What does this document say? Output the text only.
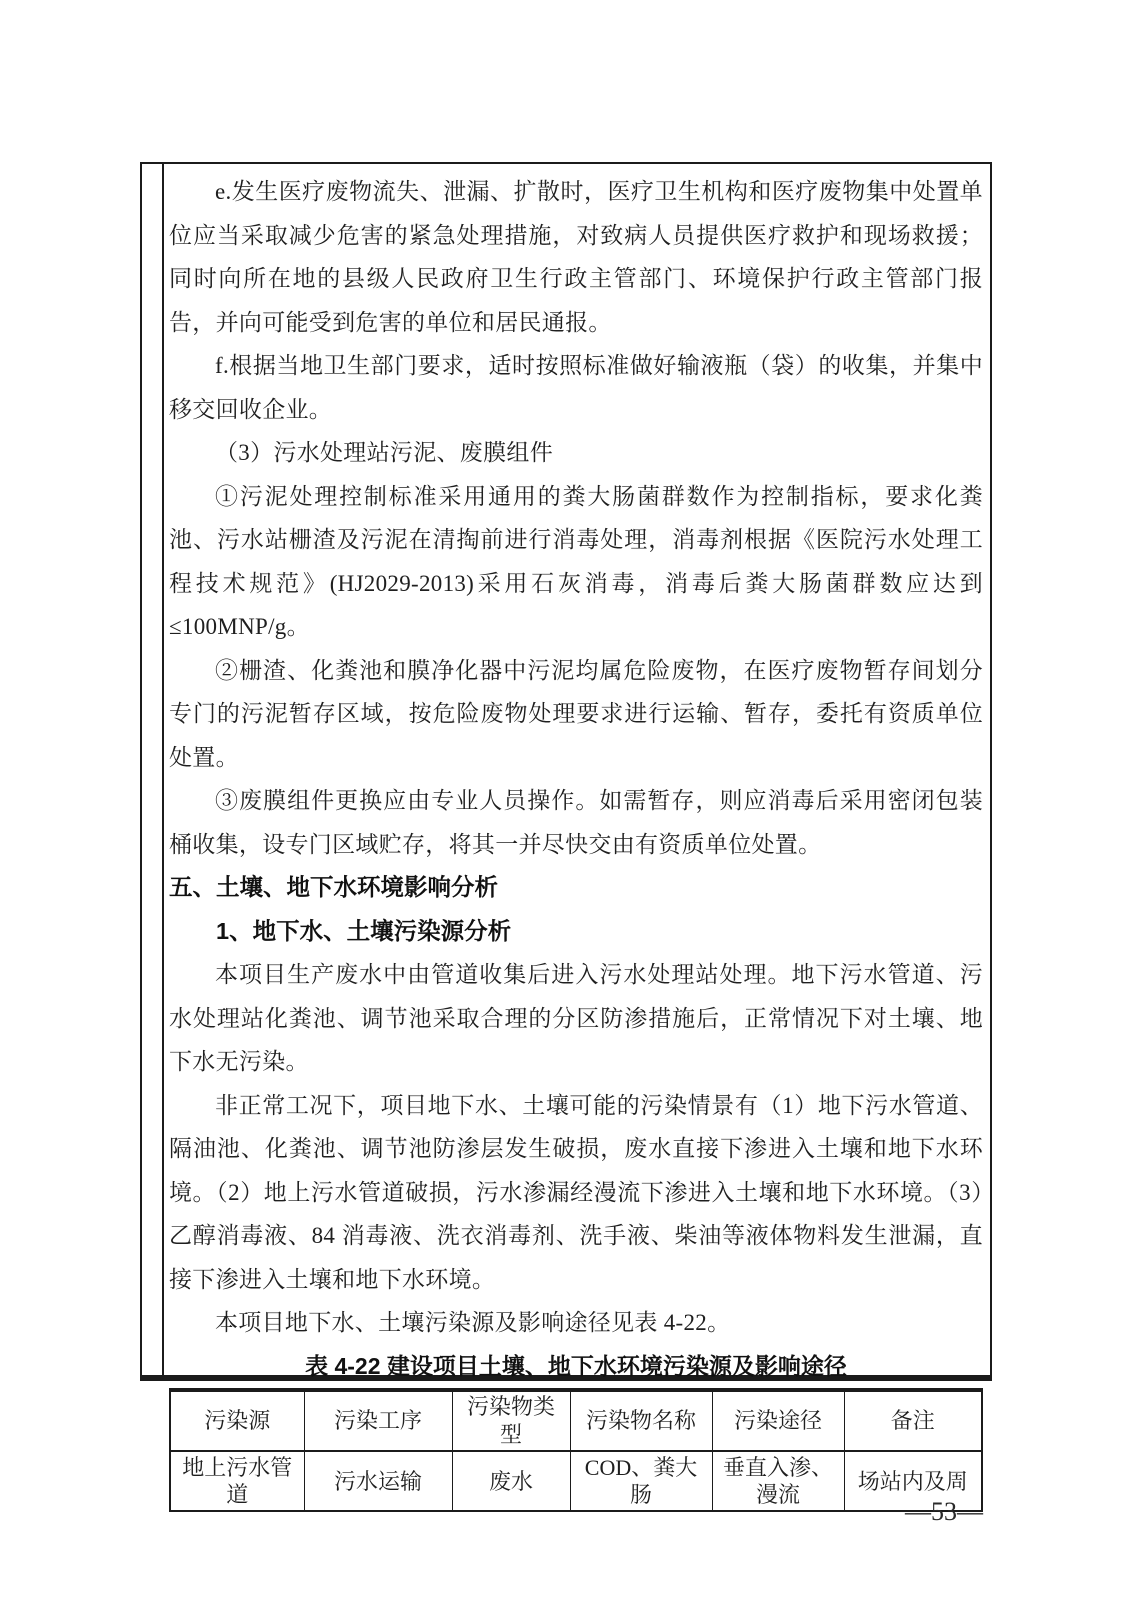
e.发生医疗废物流失、泄漏、扩散时，医疗卫生机构和医疗废物集中处置单位应当采取减少危害的紧急处理措施，对致病人员提供医疗救护和现场救援；同时向所在地的县级人民政府卫生行政主管部门、环境保护行政主管部门报告，并向可能受到危害的单位和居民通报。

f.根据当地卫生部门要求，适时按照标准做好输液瓶（袋）的收集，并集中移交回收企业。

（3）污水处理站污泥、废膜组件

①污泥处理控制标准采用通用的粪大肠菌群数作为控制指标，要求化粪池、污水站栅渣及污泥在清掏前进行消毒处理，消毒剂根据《医院污水处理工程技术规范》(HJ2029-2013)采用石灰消毒，消毒后粪大肠菌群数应达到≤100MNP/g。

②栅渣、化粪池和膜净化器中污泥均属危险废物，在医疗废物暂存间划分专门的污泥暂存区域，按危险废物处理要求进行运输、暂存，委托有资质单位处置。

③废膜组件更换应由专业人员操作。如需暂存，则应消毒后采用密闭包装桶收集，设专门区域贮存，将其一并尽快交由有资质单位处置。

五、土壤、地下水环境影响分析

1、地下水、土壤污染源分析

本项目生产废水中由管道收集后进入污水处理站处理。地下污水管道、污水处理站化粪池、调节池采取合理的分区防渗措施后，正常情况下对土壤、地下水无污染。

非正常工况下，项目地下水、土壤可能的污染情景有（1）地下污水管道、隔油池、化粪池、调节池防渗层发生破损，废水直接下渗进入土壤和地下水环境。（2）地上污水管道破损，污水渗漏经漫流下渗进入土壤和地下水环境。（3）乙醇消毒液、84 消毒液、洗衣消毒剂、洗手液、柴油等液体物料发生泄漏，直接下渗进入土壤和地下水环境。

本项目地下水、土壤污染源及影响途径见表 4-22。

表 4-22 建设项目土壤、地下水环境污染源及影响途径

污染源	污染工序	污染物类型	污染物名称	污染途径	备注
地上污水管道	污水运输	废水	COD、粪大肠	垂直入渗、漫流	场站内及周
—53—
